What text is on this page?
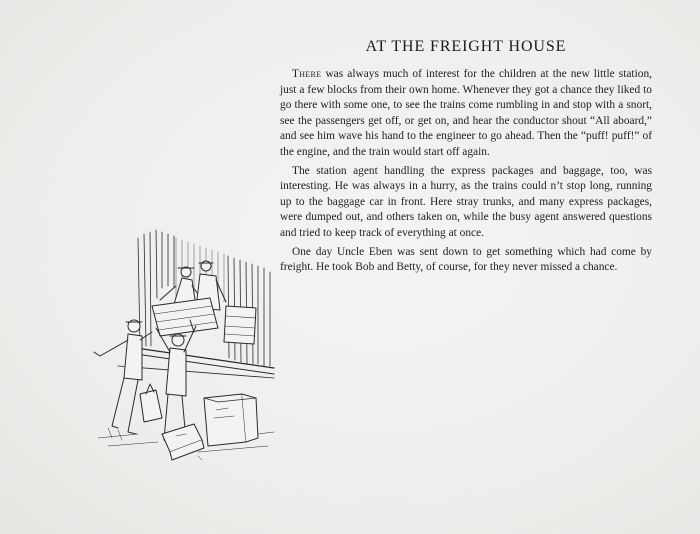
AT THE FREIGHT HOUSE

There was always much of interest for the children at the new little station, just a few blocks from their own home. Whenever they got a chance they liked to go there with some one, to see the trains come rumbling in and stop with a snort, see the passengers get off, or get on, and hear the conductor shout “All aboard,” and see him wave his hand to the engineer to go ahead. Then the “puff! puff!” of the engine, and the train would start off again.

The station agent handling the express packages and baggage, too, was interesting. He was always in a hurry, as the trains could n’t stop long, running up to the baggage car in front. Here stray trunks, and many express packages, were dumped out, and others taken on, while the busy agent answered questions and tried to keep track of everything at once.

One day Uncle Eben was sent down to get something which had come by freight. He took Bob and Betty, of course, for they never missed a chance.
